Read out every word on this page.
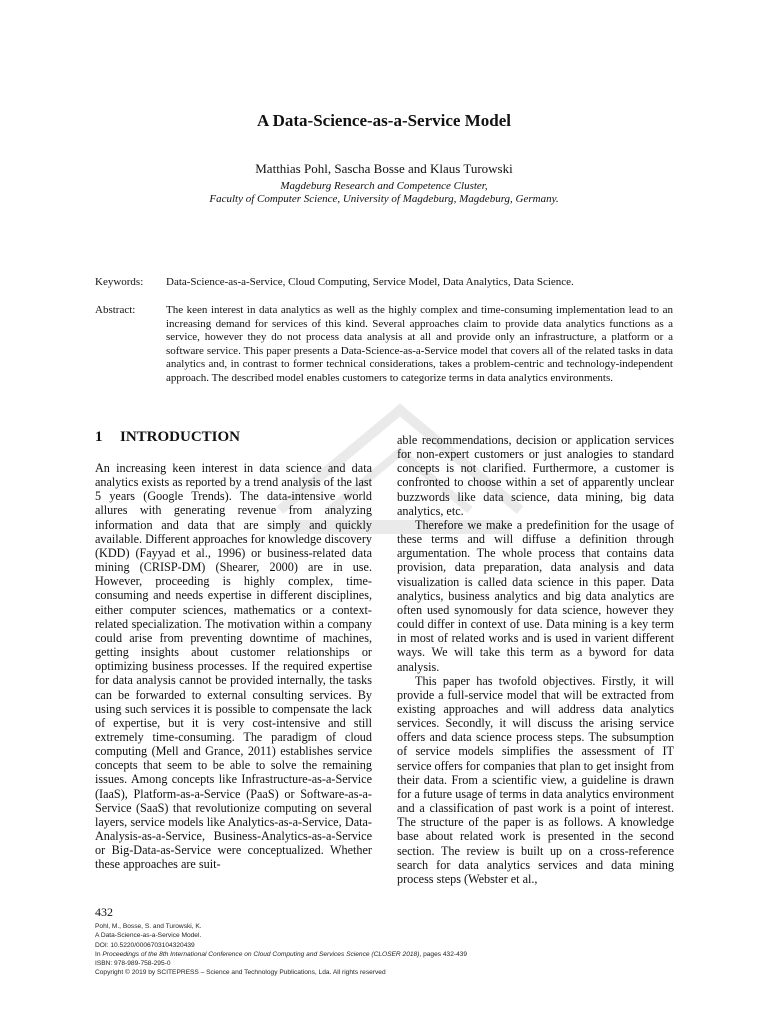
A Data-Science-as-a-Service Model
Matthias Pohl, Sascha Bosse and Klaus Turowski
Magdeburg Research and Competence Cluster,
Faculty of Computer Science, University of Magdeburg, Magdeburg, Germany.
Keywords: Data-Science-as-a-Service, Cloud Computing, Service Model, Data Analytics, Data Science.
Abstract:	The keen interest in data analytics as well as the highly complex and time-consuming implementation lead to an increasing demand for services of this kind. Several approaches claim to provide data analytics functions as a service, however they do not process data analysis at all and provide only an infrastructure, a platform or a software service. This paper presents a Data-Science-as-a-Service model that covers all of the related tasks in data analytics and, in contrast to former technical considerations, takes a problem-centric and technology-independent approach. The described model enables customers to categorize terms in data analytics environments.
1 INTRODUCTION

An increasing keen interest in data science and data analytics exists as reported by a trend analysis of the last 5 years (Google Trends). The data-intensive world allures with generating revenue from analyzing information and data that are simply and quickly available. Different approaches for knowledge discovery (KDD) (Fayyad et al., 1996) or business-related data mining (CRISP-DM) (Shearer, 2000) are in use. However, proceeding is highly complex, time-consuming and needs expertise in different disciplines, either computer sciences, mathematics or a context-related specialization. The motivation within a company could arise from preventing downtime of machines, getting insights about customer relationships or optimizing business processes. If the required expertise for data analysis cannot be provided internally, the tasks can be forwarded to external consulting services. By using such services it is possible to compensate the lack of expertise, but it is very cost-intensive and still extremely time-consuming. The paradigm of cloud computing (Mell and Grance, 2011) establishes service concepts that seem to be able to solve the remaining issues. Among concepts like Infrastructure-as-a-Service (IaaS), Platform-as-a-Service (PaaS) or Software-as-a-Service (SaaS) that revolutionize computing on several layers, service models like Analytics-as-a-Service, Data-Analysis-as-a-Service, Business-Analytics-as-a-Service or Big-Data-as-Service were conceptualized. Whether these approaches are suit-

able recommendations, decision or application services for non-expert customers or just analogies to standard concepts is not clarified. Furthermore, a customer is confronted to choose within a set of apparently unclear buzzwords like data science, data mining, big data analytics, etc.

Therefore we make a predefinition for the usage of these terms and will diffuse a definition through argumentation. The whole process that contains data provision, data preparation, data analysis and data visualization is called data science in this paper. Data analytics, business analytics and big data analytics are often used synomously for data science, however they could differ in context of use. Data mining is a key term in most of related works and is used in varient different ways. We will take this term as a byword for data analysis.

This paper has twofold objectives. Firstly, it will provide a full-service model that will be extracted from existing approaches and will address data analytics services. Secondly, it will discuss the arising service offers and data science process steps. The subsumption of service models simplifies the assessment of IT service offers for companies that plan to get insight from their data. From a scientific view, a guideline is drawn for a future usage of terms in data analytics environment and a classification of past work is a point of interest. The structure of the paper is as follows. A knowledge base about related work is presented in the second section. The review is built up on a cross-reference search for data analytics services and data mining process steps (Webster et al.,

432
Pohl, M., Bosse, S. and Turowski, K.
A Data-Science-as-a-Service Model.
DOI: 10.5220/0006703104320439
In Proceedings of the 8th International Conference on Cloud Computing and Services Science (CLOSER 2018), pages 432-439
ISBN: 978-989-758-295-0
Copyright © 2019 by SCITEPRESS – Science and Technology Publications, Lda. All rights reserved
